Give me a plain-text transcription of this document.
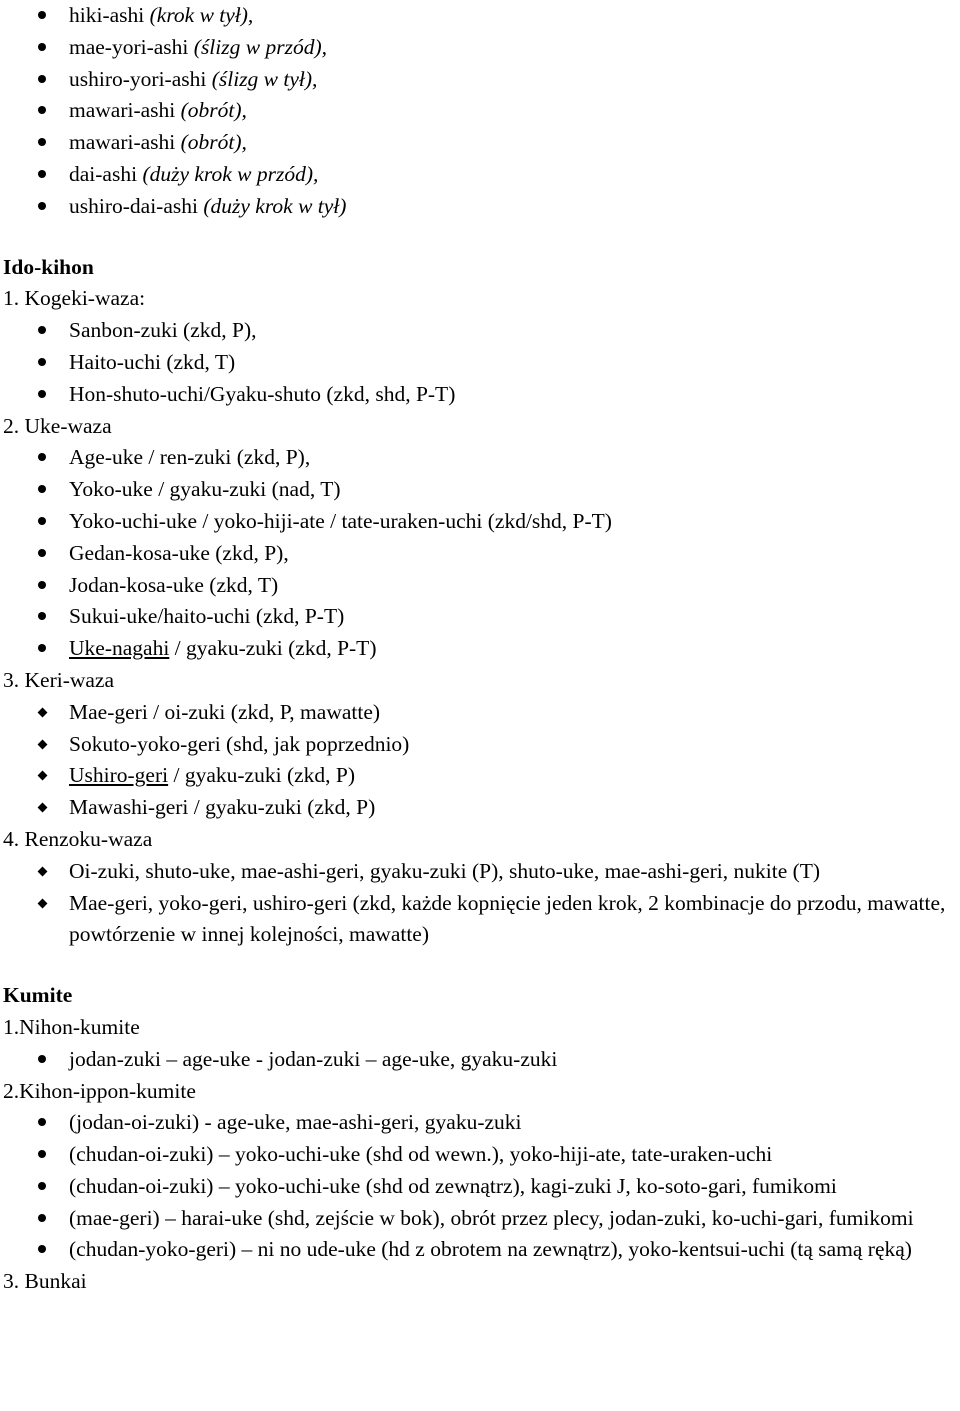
hiki-ashi (krok w tył),
mae-yori-ashi (ślizg w przód),
ushiro-yori-ashi (ślizg w tył),
mawari-ashi (obrót),
mawari-ashi (obrót),
dai-ashi (duży krok w przód),
ushiro-dai-ashi (duży krok w tył)
Ido-kihon
1. Kogeki-waza:
Sanbon-zuki (zkd, P),
Haito-uchi (zkd, T)
Hon-shuto-uchi/Gyaku-shuto (zkd, shd, P-T)
2. Uke-waza
Age-uke / ren-zuki (zkd, P),
Yoko-uke / gyaku-zuki (nad, T)
Yoko-uchi-uke / yoko-hiji-ate / tate-uraken-uchi (zkd/shd, P-T)
Gedan-kosa-uke (zkd, P),
Jodan-kosa-uke (zkd, T)
Sukui-uke/haito-uchi (zkd, P-T)
Uke-nagahi / gyaku-zuki (zkd, P-T)
3. Keri-waza
Mae-geri / oi-zuki (zkd, P, mawatte)
Sokuto-yoko-geri (shd, jak poprzednio)
Ushiro-geri / gyaku-zuki (zkd, P)
Mawashi-geri / gyaku-zuki (zkd, P)
4. Renzoku-waza
Oi-zuki, shuto-uke, mae-ashi-geri, gyaku-zuki (P), shuto-uke, mae-ashi-geri, nukite (T)
Mae-geri, yoko-geri, ushiro-geri (zkd, każde kopnięcie jeden krok, 2 kombinacje do przodu, mawatte, powtórzenie w innej kolejności, mawatte)
Kumite
1.Nihon-kumite
jodan-zuki – age-uke - jodan-zuki – age-uke, gyaku-zuki
2.Kihon-ippon-kumite
(jodan-oi-zuki) - age-uke, mae-ashi-geri, gyaku-zuki
(chudan-oi-zuki) – yoko-uchi-uke (shd od wewn.), yoko-hiji-ate, tate-uraken-uchi
(chudan-oi-zuki) – yoko-uchi-uke (shd od zewnątrz), kagi-zuki J, ko-soto-gari, fumikomi
(mae-geri) – harai-uke (shd, zejście w bok), obrót przez plecy, jodan-zuki, ko-uchi-gari, fumikomi
(chudan-yoko-geri) – ni no ude-uke (hd z obrotem na zewnątrz), yoko-kentsui-uchi (tą samą ręką)
3. Bunkai
